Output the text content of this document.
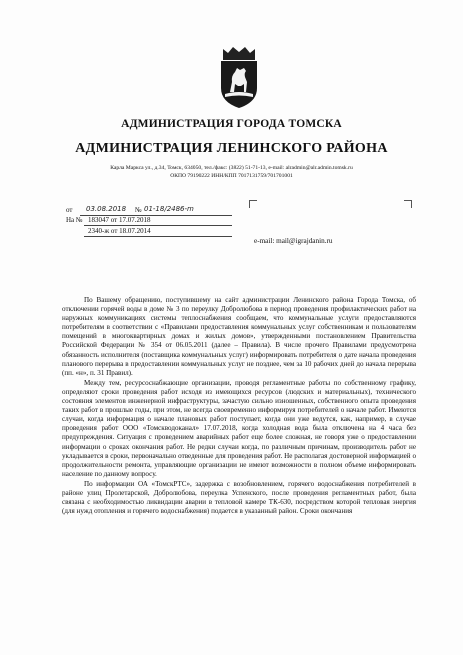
АДМИНИСТРАЦИЯ ГОРОДА ТОМСКА
АДМИНИСТРАЦИЯ ЛЕНИНСКОГО РАЙОНА
Карла Маркса ул., д.34, Томск, 634050, тел./факс: (3822) 51-71-13, e-mail: alradmin@alr.admin.tomsk.ru
ОКПО 79190222 ИНН/КПП 7017131759/701701001
от 03.08.2018 № 01-18/2486-m
На № 183047 от 17.07.2018
2340-ж от 18.07.2014
e-mail: mail@igrajdanin.ru

По Вашему обращению, поступившему на сайт администрации Ленинского района Города Томска, об отключении горячей воды в доме № 3 по переулку Добролюбова в период проведения профилактических работ на наружных коммуникациях системы теплоснабжения сообщаем, что коммунальные услуги предоставляются потребителям в соответствии с «Правилами предоставления коммунальных услуг собственникам и пользователям помещений в многоквартирных домах и жилых домов», утвержденными постановлением Правительства Российской Федерации № 354 от 06.05.2011 (далее – Правила). В числе прочего Правилами предусмотрена обязанность исполнителя (поставщика коммунальных услуг) информировать потребителя о дате начала проведения планового перерыва в предоставлении коммунальных услуг не позднее, чем за 10 рабочих дней до начала перерыва (пп. «н», п. 31 Правил).

Между тем, ресурсоснабжающие организации, проводя регламентные работы по собственному графику, определяют сроки проведения работ исходя из имеющихся ресурсов (людских и материальных), технического состояния элементов инженерной инфраструктуры, зачастую сильно изношенных, собственного опыта проведения таких работ в прошлые годы, при этом, не всегда своевременно информируя потребителей о начале работ. Имеются случаи, когда информация о начале плановых работ поступает, когда они уже ведутся, как, например, в случае проведения работ ООО «Томскводоканал» 17.07.2018, когда холодная вода была отключена на 4 часа без предупреждения. Ситуация с проведением аварийных работ еще более сложная, не говоря уже о предоставлении информации о сроках окончания работ. Не редки случаи когда, по различным причинам, производитель работ не укладывается в сроки, первоначально отведенные для проведения работ. Не располагая достоверной информацией о продолжительности ремонта, управляющие организации не имеют возможности в полном объеме информировать население по данному вопросу.

По информации ОА «ТомскРТС», задержка с возобновлением, горячего водоснабжения потребителей в районе улиц Пролетарской, Добролюбова, переулка Успенского, после проведения регламентных работ, была связана с необходимостью ликвидации аварии в тепловой камере ТК-630, посредством которой тепловая энергия (для нужд отопления и горячего водоснабжения) подается в указанный район. Сроки окончания
